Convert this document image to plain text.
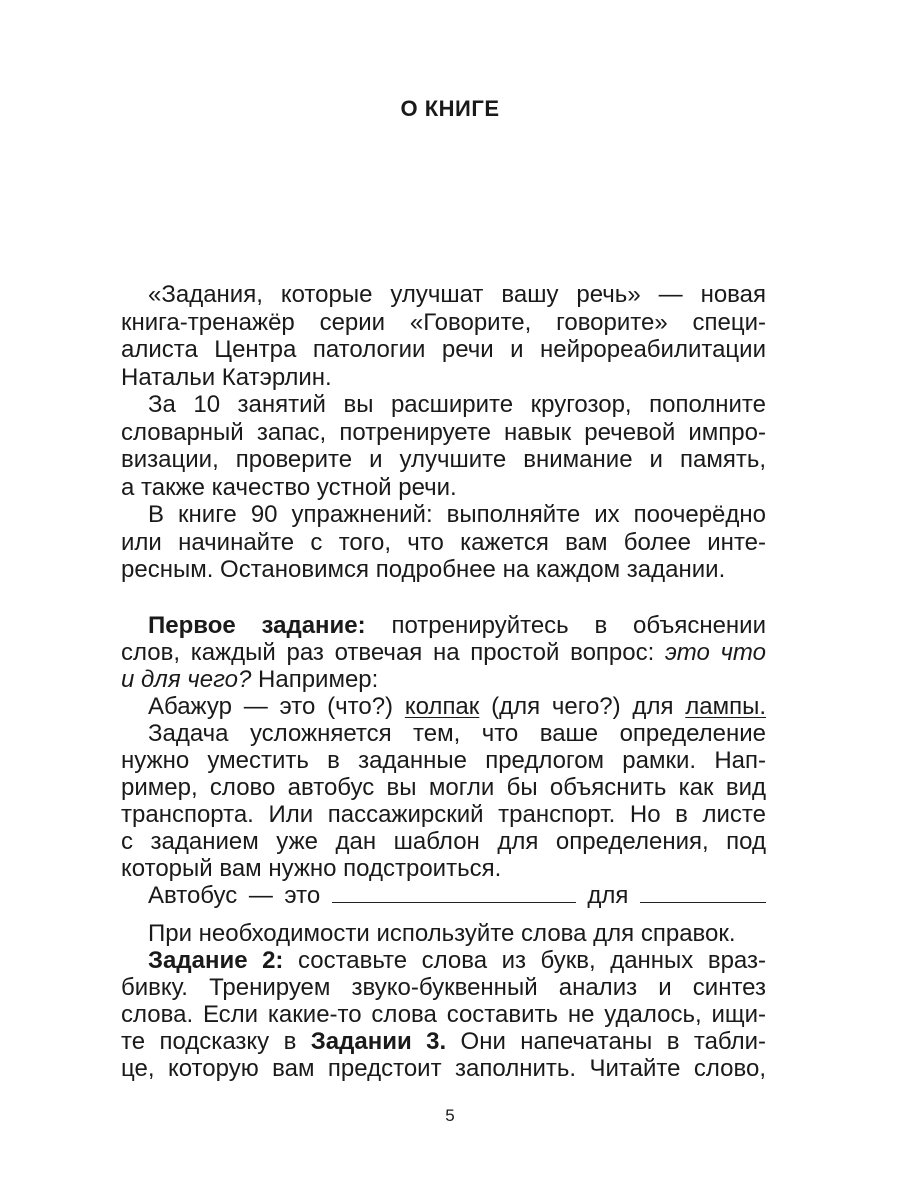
О КНИГЕ
«Задания, которые улучшат вашу речь» — новая
книга-тренажёр серии «Говорите, говорите» специ-
алиста Центра патологии речи и нейрореабилитации
Натальи Катэрлин.
За 10 занятий вы расширите кругозор, пополните
словарный запас, потренируете навык речевой импро-
визации, проверите и улучшите внимание и память,
а также качество устной речи.
В книге 90 упражнений: выполняйте их поочерёдно
или начинайте с того, что кажется вам более инте-
ресным. Остановимся подробнее на каждом задании.
Первое задание: потренируйтесь в объяснении
слов, каждый раз отвечая на простой вопрос: это что
и для чего? Например:
Абажур — это (что?) колпак (для чего?) для лампы.
Задача усложняется тем, что ваше определение
нужно уместить в заданные предлогом рамки. Нап-
ример, слово автобус вы могли бы объяснить как вид
транспорта. Или пассажирский транспорт. Но в листе
с заданием уже дан шаблон для определения, под
который вам нужно подстроиться.
Автобус — это	для
При необходимости используйте слова для справок.
Задание 2: составьте слова из букв, данных враз-
бивку. Тренируем звуко-буквенный анализ и синтез
слова. Если какие-то слова составить не удалось, ищи-
те подсказку в Задании 3. Они напечатаны в табли-
це, которую вам предстоит заполнить. Читайте слово,
5
